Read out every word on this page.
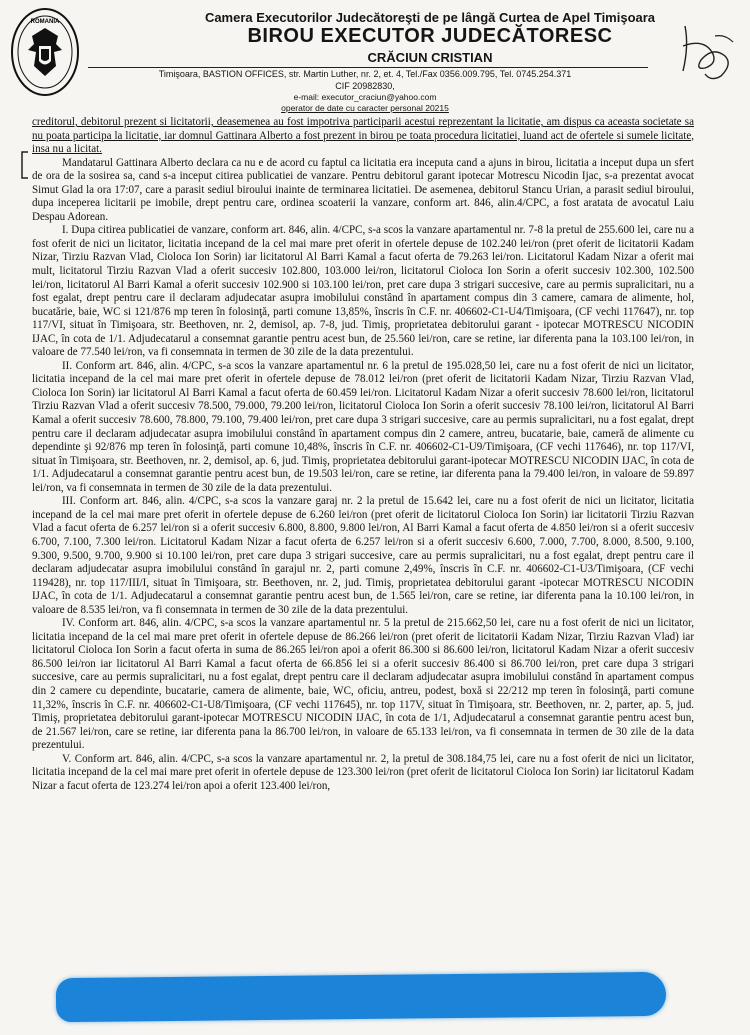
ROMANIA	Camera Executorilor Judecătoreşti de pe lângă Curtea de Apel Timişoara
BIROU EXECUTOR JUDECĂTORESC
CRĂCIUN CRISTIAN
Timişoara, BASTION OFFICES, str. Martin Luther, nr. 2, et. 4, Tel./Fax 0356.009.795, Tel. 0745.254.371
CIF 20982830,
e-mail: executor_craciun@yahoo.com
operator de date cu caracter personal 20215

creditorul, debitorul prezent si licitatorii, deasemenea au fost impotriva participarii acestui reprezentant la licitatie, am dispus ca aceasta societate sa nu poata participa la licitatie, iar domnul Gattinara Alberto a fost prezent in birou pe toata procedura licitatiei, luand act de ofertele si sumele licitate, insa nu a licitat.

Mandatarul Gattinara Alberto declara ca nu e de acord cu faptul ca licitatia era inceputa cand a ajuns in birou, licitatia a inceput dupa un sfert de ora de la sosirea sa, cand s-a inceput citirea publicatiei de vanzare. Pentru debitorul garant ipotecar Motrescu Nicodin Ijac, s-a prezentat avocat Simut Glad la ora 17:07, care a parasit sediul biroului inainte de terminarea licitatiei. De asemenea, debitorul Stancu Urian, a parasit sediul biroului, dupa inceperea licitarii pe imobile, drept pentru care, ordinea scoaterii la vanzare, conform art. 846, alin.4/CPC, a fost aratata de avocatul Laiu Despau Adorean.

I. Dupa citirea publicatiei de vanzare, conform art. 846, alin. 4/CPC, s-a scos la vanzare apartamentul nr. 7-8 la pretul de 255.600 lei, care nu a fost oferit de nici un licitator, licitatia incepand de la cel mai mare pret oferit in ofertele depuse de 102.240 lei/ron (pret oferit de licitatorii Kadam Nizar, Tirziu Razvan Vlad, Cioloca Ion Sorin) iar licitatorul Al Barri Kamal a facut oferta de 79.263 lei/ron. Licitatorul Kadam Nizar a oferit mai mult, licitatorul Tirziu Razvan Vlad a oferit succesiv 102.800, 103.000 lei/ron, licitatorul Cioloca Ion Sorin a oferit succesiv 102.300, 102.500 lei/ron, licitatorul Al Barri Kamal a oferit succesiv 102.900 si 103.100 lei/ron, pret care dupa 3 strigari succesive, care au permis supralicitari, nu a fost egalat, drept pentru care il declaram adjudecatar asupra imobilului constând în apartament compus din 3 camere, camara de alimente, hol, bucatărie, baie, WC si 121/876 mp teren în folosinţă, parti comune 13,85%, înscris în C.F. nr. 406602-C1-U4/Timişoara, (CF vechi 117647), nr. top 117/VI, situat în Timişoara, str. Beethoven, nr. 2, demisol, ap. 7-8, jud. Timiş, proprietatea debitorului garant - ipotecar MOTRESCU NICODIN IJAC, în cota de 1/1. Adjudecatarul a consemnat garantie pentru acest bun, de 25.560 lei/ron, care se retine, iar diferenta pana la 103.100 lei/ron, in valoare de 77.540 lei/ron, va fi consemnata in termen de 30 zile de la data prezentului.

II. Conform art. 846, alin. 4/CPC, s-a scos la vanzare apartamentul nr. 6 la pretul de 195.028,50 lei, care nu a fost oferit de nici un licitator, licitatia incepand de la cel mai mare pret oferit in ofertele depuse de 78.012 lei/ron (pret oferit de licitatorii Kadam Nizar, Tirziu Razvan Vlad, Cioloca Ion Sorin) iar licitatorul Al Barri Kamal a facut oferta de 60.459 lei/ron. Licitatorul Kadam Nizar a oferit succesiv 78.600 lei/ron, licitatorul Tirziu Razvan Vlad a oferit succesiv 78.500, 79.000, 79.200 lei/ron, licitatorul Cioloca Ion Sorin a oferit succesiv 78.100 lei/ron, licitatorul Al Barri Kamal a oferit succesiv 78.600, 78.800, 79.100, 79.400 lei/ron, pret care dupa 3 strigari succesive, care au permis supralicitari, nu a fost egalat, drept pentru care il declaram adjudecatar asupra imobilului constând în apartament compus din 2 camere, antreu, bucatarie, baie, cameră de alimente cu dependinte şi 92/876 mp teren în folosinţă, parti comune 10,48%, înscris în C.F. nr. 406602-C1-U9/Timişoara, (CF vechi 117646), nr. top 117/VI, situat în Timişoara, str. Beethoven, nr. 2, demisol, ap. 6, jud. Timiş, proprietatea debitorului garant-ipotecar MOTRESCU NICODIN IJAC, în cota de 1/1. Adjudecatarul a consemnat garantie pentru acest bun, de 19.503 lei/ron, care se retine, iar diferenta pana la 79.400 lei/ron, in valoare de 59.897 lei/ron, va fi consemnata in termen de 30 zile de la data prezentului.

III. Conform art. 846, alin. 4/CPC, s-a scos la vanzare garaj nr. 2 la pretul de 15.642 lei, care nu a fost oferit de nici un licitator, licitatia incepand de la cel mai mare pret oferit in ofertele depuse de 6.260 lei/ron (pret oferit de licitatorul Cioloca Ion Sorin) iar licitatorii Tirziu Razvan Vlad a facut oferta de 6.257 lei/ron si a oferit succesiv 6.800, 8.800, 9.800 lei/ron, Al Barri Kamal a facut oferta de 4.850 lei/ron si a oferit succesiv 6.700, 7.100, 7.300 lei/ron. Licitatorul Kadam Nizar a facut oferta de 6.257 lei/ron si a oferit succesiv 6.600, 7.000, 7.700, 8.000, 8.500, 9.100, 9.300, 9.500, 9.700, 9.900 si 10.100 lei/ron, pret care dupa 3 strigari succesive, care au permis supralicitari, nu a fost egalat, drept pentru care il declaram adjudecatar asupra imobilului constând în garajul nr. 2, parti comune 2,49%, înscris în C.F. nr. 406602-C1-U3/Timişoara, (CF vechi 119428), nr. top 117/III/I, situat în Timişoara, str. Beethoven, nr. 2, jud. Timiş, proprietatea debitorului garant -ipotecar MOTRESCU NICODIN IJAC, în cota de 1/1. Adjudecatarul a consemnat garantie pentru acest bun, de 1.565 lei/ron, care se retine, iar diferenta pana la 10.100 lei/ron, in valoare de 8.535 lei/ron, va fi consemnata in termen de 30 zile de la data prezentului.

IV. Conform art. 846, alin. 4/CPC, s-a scos la vanzare apartamentul nr. 5 la pretul de 215.662,50 lei, care nu a fost oferit de nici un licitator, licitatia incepand de la cel mai mare pret oferit in ofertele depuse de 86.266 lei/ron (pret oferit de licitatorii Kadam Nizar, Tirziu Razvan Vlad) iar licitatorul Cioloca Ion Sorin a facut oferta in suma de 86.265 lei/ron apoi a oferit 86.300 si 86.600 lei/ron, licitatorul Kadam Nizar a oferit succesiv 86.500 lei/ron iar licitatorul Al Barri Kamal a facut oferta de 66.856 lei si a oferit succesiv 86.400 si 86.700 lei/ron, pret care dupa 3 strigari succesive, care au permis supralicitari, nu a fost egalat, drept pentru care il declaram adjudecatar asupra imobilului constând în apartament compus din 2 camere cu dependinte, bucatarie, camera de alimente, baie, WC, oficiu, antreu, podest, boxă si 22/212 mp teren în folosinţă, parti comune 11,32%, înscris în C.F. nr. 406602-C1-U8/Timişoara, (CF vechi 117645), nr. top 117V, situat în Timişoara, str. Beethoven, nr. 2, parter, ap. 5, jud. Timiş, proprietatea debitorului garant-ipotecar MOTRESCU NICODIN IJAC, în cota de 1/1, Adjudecatarul a consemnat garantie pentru acest bun, de 21.567 lei/ron, care se retine, iar diferenta pana la 86.700 lei/ron, in valoare de 65.133 lei/ron, va fi consemnata in termen de 30 zile de la data prezentului.

V. Conform art. 846, alin. 4/CPC, s-a scos la vanzare apartamentul nr. 2, la pretul de 308.184,75 lei, care nu a fost oferit de nici un licitator, licitatia incepand de la cel mai mare pret oferit in ofertele depuse de 123.300 lei/ron (pret oferit de licitatorul Cioloca Ion Sorin) iar licitatorul Kadam Nizar a facut oferta de 123.274 lei/ron apoi a oferit 123.400 lei/ron,
